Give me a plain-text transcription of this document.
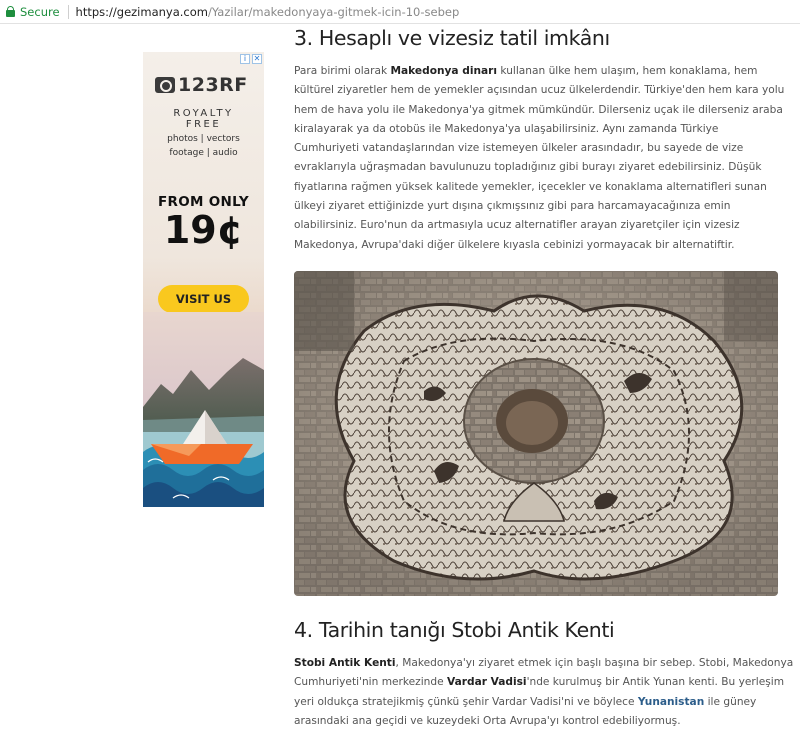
Secure https://gezimanya.com /Yazilar/makedonyaya-gitmek-icin-10-sebep
i ✕
123RF
ROYALTY
FREE
photos | vectors
footage | audio
FROM ONLY
19¢
VISIT US
3. Hesaplı ve vizesiz tatil imkânı

Para birimi olarak Makedonya dinarı kullanan ülke hem ulaşım, hem konaklama, hem
kültürel ziyaretler hem de yemekler açısından ucuz ülkelerdendir. Türkiye'den hem kara yolu
hem de hava yolu ile Makedonya'ya gitmek mümkündür. Dilerseniz uçak ile dilerseniz araba
kiralayarak ya da otobüs ile Makedonya'ya ulaşabilirsiniz. Aynı zamanda Türkiye
Cumhuriyeti vatandaşlarından vize istemeyen ülkeler arasındadır, bu sayede de vize
evraklarıyla uğraşmadan bavulunuzu topladığınız gibi burayı ziyaret edebilirsiniz. Düşük
fiyatlarına rağmen yüksek kalitede yemekler, içecekler ve konaklama alternatifleri sunan
ülkeyi ziyaret ettiğinizde yurt dışına çıkmışsınız gibi para harcamayacağınıza emin
olabilirsiniz. Euro'nun da artmasıyla ucuz alternatifler arayan ziyaretçiler için vizesiz
Makedonya, Avrupa'daki diğer ülkelere kıyasla cebinizi yormayacak bir alternatiftir.

4. Tarihin tanığı Stobi Antik Kenti

Stobi Antik Kenti, Makedonya'yı ziyaret etmek için başlı başına bir sebep. Stobi, Makedonya
Cumhuriyeti'nin merkezinde Vardar Vadisi'nde kurulmuş bir Antik Yunan kenti. Bu yerleşim
yeri oldukça stratejikmiş çünkü şehir Vardar Vadisi'ni ve böylece Yunanistan ile güney
arasındaki ana geçidi ve kuzeydeki Orta Avrupa'yı kontrol edebiliyormuş.
